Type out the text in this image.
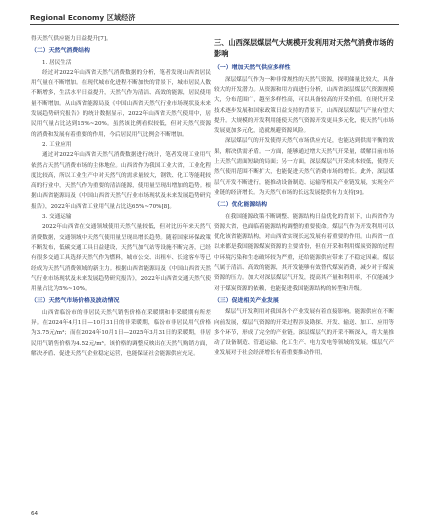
Regional Economy 区域经济

得天然气供应能力日益提升[7]。

（二）天然气消费结构
1. 居民生活

经过对2022年山西省天然气消费数据的分析，笔者发现山西省居民用气量在不断增加。在现代城市化进程不断加快的背景下，城市居民人数不断增多，生活水平日益提升，天然气作为清洁、高效的能源，居民使用量不断增加。从山西省能源局及《中国山西省天然气行业市场现状及未来发展趋势研究报告》的统计数据显示，2022年山西省天然气使用中，居民用气量占比达到15%~20%。虽然该比例看似较低，但对天然气资源的消费和发展有着重要的作用，今后居民用气比例会不断增加。

2. 工业应用

通过对2022年山西省天然气消费数据进行统计，笔者发现工业用气依然占天然气消费市场的主体地位。山西省作为我国工业大省，工业化程度比较高，所以工业生产中对天然气的需求量较大，钢铁、化工等能耗较高的行业中，天然气作为重要的清洁能源，使用量呈现出增加的趋势。根据山西省能源局及《中国山西省天然气行业市场现状及未来发展趋势研究报告》，2022年山西省工业用气量占比达65%~70%[8]。

3. 交通运输

2022年山西省在交通领域使用天然气量较低，但对比历年来天然气消费数据，交通领域中天然气使用量呈现出增长趋势。随着国家环保政策不断发布，低碳交通工具日益建设，天然气加气站等设施不断完善，已经有很多交通工具选择天然气作为燃料，城市公交、出租车、长途客车等已经成为天然气消费领域的新主力。根据山西省能源局及《中国山西省天然气行业市场现状及未来发展趋势研究报告》，2022年山西省交通天然气使用量占比为5%~10%。

（三）天然气市场价格及波动情况

山西省临汾市的非居民天然气销售价格在采暖期和非采暖期有所差异。在2024年4月1日—10月31日的非采暖期，临汾市非居民用气价格为3.75元/m³；而在2024年10月1日—2025年3月31日的采暖期，非居民用气销售价格为4.52元/m³。该价格的调整反映出在天然气购销方面，解决矛盾、促进天然气企业稳定运营，也能保证社会能源供应充足。

三、山西深层煤层气大规模开发利用对天然气消费市场的影响
（一）增加天然气供应多样性

深层煤层气作为一种非常规性的天然气资源，探明储量比较大，具备较大的开发潜力。从资源和用方面进行分析，山西省深层煤层气资源规模大，分布范围广，越至多样性高，可以具备较高的开采价值。在现代开采技术逐步发展和国家政策日益支持的背景下，山西深层煤层气产量有望大提升。大规模的开发利用能使天然气资源开发更具多元化，使天然气市场发展更加多元化，造就规避资源风险。

深层煤层气的开发使得天然气市场供应充足，也能达到供需平衡的效果，解决供需矛盾。一方面，能够通过增大天然气开采量，缓解目前市场上天然气需面短缺的局面；另一方面，深层煤层气开采成本较低，使得天然气使用范围不断扩大，也能促进天然气消费市场的增长。此外，深层煤层气开发不断进行，能推动设备制造、运输等相关产业链发展，实现全产业链的经济增长。为天然气市场的长远发展提供有力支持[9]。

（二）优化能源结构

在我国能源政策不断调整、能源结构日益优化的背景下，山西省作为资源大省，也面临着能源结构调整的重要使命。煤层气作为开发利用可以优化该省能源结构，对山西省实现长远发展有着重要的作用。山西省一直以来都是我国能源煤炭资源的主要省份，但在开采和利用煤炭资源的过程中环境污染和生态破坏较为严重，还给能源供应带来了不稳定因素。煤层气属于清洁、高效的能源，其开发能够有效替代煤炭消费，减少对于煤炭资源的压力。加大对深层煤层气开发，提高其产量和利用率，不仅能减少对于煤炭资源的依赖，也能促进我国能源结构的转型和升级。

（三）促进相关产业发展

煤层气开发利用对我国各个产业发展有着直接影响。能源供应在不断向前发展，煤层气资源的开采过程涉及勘探、开发、输送、加工、应用等多个环节，形成了完全的产业链。深层煤层气的开采不断深入，将大量推动了设备制造、管道运输、化工生产、电力发电等领域的发展。煤层气产业发展对于社会经济增长有着重要推动作用，

64
